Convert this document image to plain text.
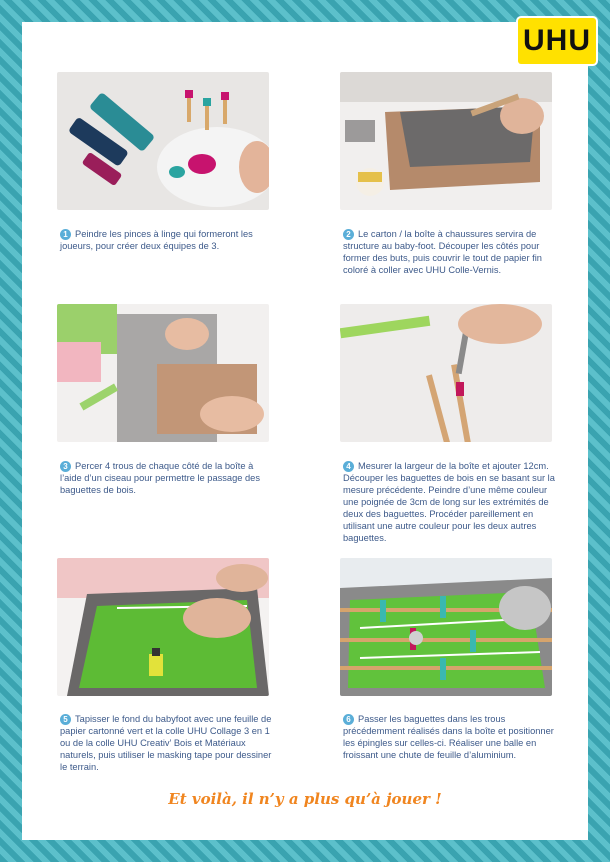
UHU
1 Peindre les pinces à linge qui formeront les joueurs, pour créer deux équipes de 3.
2 Le carton / la boîte à chaussures servira de structure au baby-foot. Découper les côtés pour former des buts, puis couvrir le tout de papier fin coloré à coller avec UHU Colle-Vernis.
3 Percer 4 trous de chaque côté de la boîte à l’aide d’un ciseau pour permettre le passage des baguettes de bois.
4 Mesurer la largeur de la boîte et ajouter 12cm. Découper les baguettes de bois en se basant sur la mesure précédente. Peindre d’une même couleur une poignée de 3cm de long sur les extrémités de deux des baguettes. Procéder pareillement en utilisant une autre couleur pour les deux autres baguettes.
5 Tapisser le fond du babyfoot avec une feuille de papier cartonné vert et la colle UHU Collage 3 en 1 ou de la colle UHU Creativ’ Bois et Matériaux naturels, puis utiliser le masking tape pour dessiner le terrain.
6 Passer les baguettes dans les trous précédemment réalisés dans la boîte et positionner les épingles sur celles-ci. Réaliser une balle en froissant une chute de feuille d’aluminium.
Et voilà, il n’y a plus qu’à jouer !
